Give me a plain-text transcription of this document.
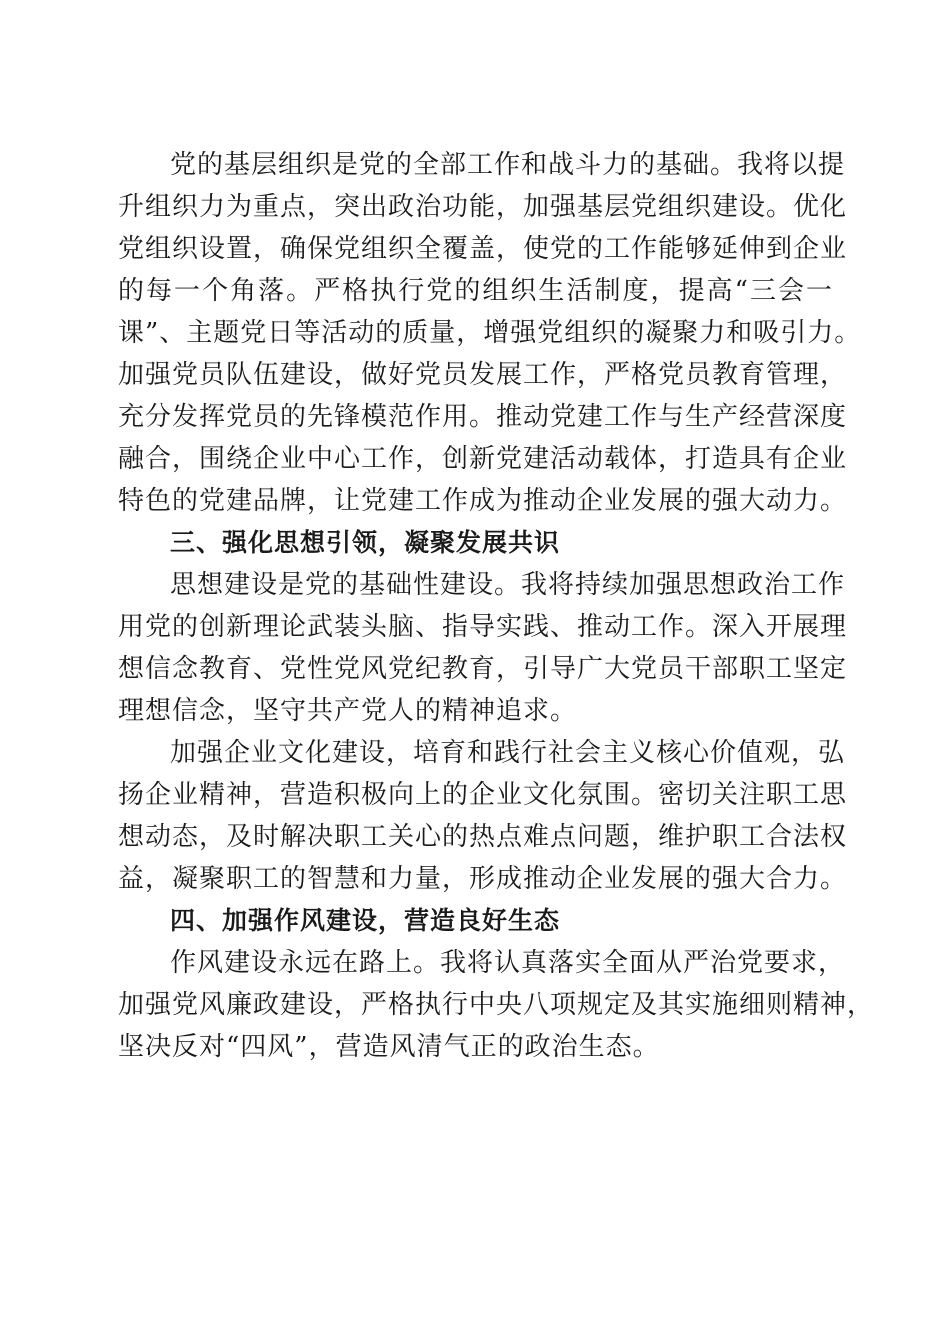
党的基层组织是党的全部工作和战斗力的基础。我将以提
升组织力为重点，突出政治功能，加强基层党组织建设。优化
党组织设置，确保党组织全覆盖，使党的工作能够延伸到企业
的每一个角落。严格执行党的组织生活制度，提高“三会一
课”、主题党日等活动的质量，增强党组织的凝聚力和吸引力。
加强党员队伍建设，做好党员发展工作，严格党员教育管理，
充分发挥党员的先锋模范作用。推动党建工作与生产经营深度
融合，围绕企业中心工作，创新党建活动载体，打造具有企业
特色的党建品牌，让党建工作成为推动企业发展的强大动力。
三、强化思想引领，凝聚发展共识
思想建设是党的基础性建设。我将持续加强思想政治工作
用党的创新理论武装头脑、指导实践、推动工作。深入开展理
想信念教育、党性党风党纪教育，引导广大党员干部职工坚定
理想信念，坚守共产党人的精神追求。
加强企业文化建设，培育和践行社会主义核心价值观，弘
扬企业精神，营造积极向上的企业文化氛围。密切关注职工思
想动态，及时解决职工关心的热点难点问题，维护职工合法权
益，凝聚职工的智慧和力量，形成推动企业发展的强大合力。
四、加强作风建设，营造良好生态
作风建设永远在路上。我将认真落实全面从严治党要求，
加强党风廉政建设，严格执行中央八项规定及其实施细则精神，
坚决反对“四风”，营造风清气正的政治生态。
